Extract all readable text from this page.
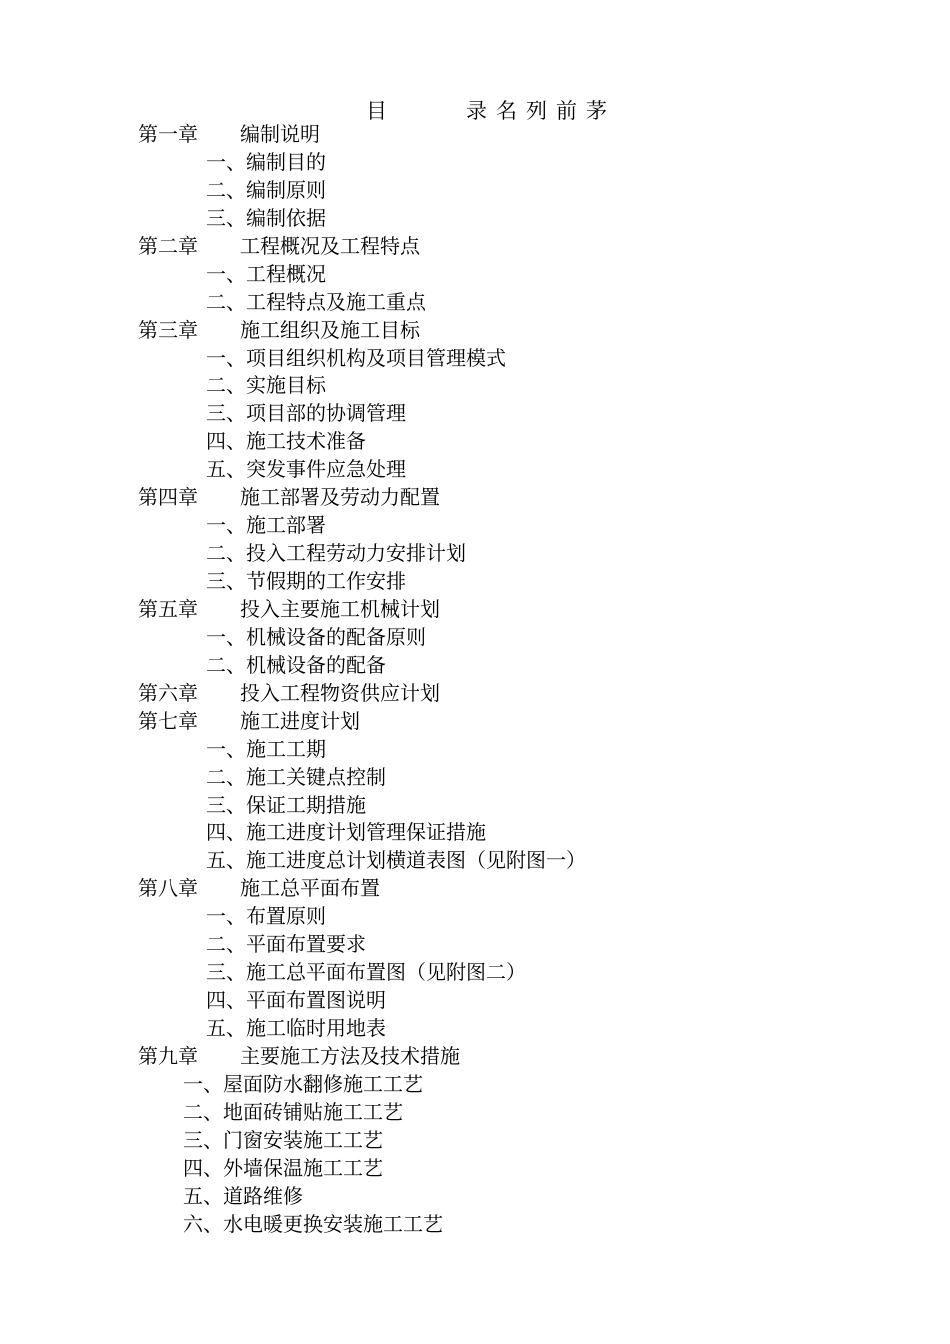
目	录名列前茅
第一章 编制说明
一、编制目的
二、编制原则
三、编制依据
第二章 工程概况及工程特点
一、工程概况
二、工程特点及施工重点
第三章 施工组织及施工目标
一、项目组织机构及项目管理模式
二、实施目标
三、项目部的协调管理
四、施工技术准备
五、突发事件应急处理
第四章 施工部署及劳动力配置
一、施工部署
二、投入工程劳动力安排计划
三、节假期的工作安排
第五章 投入主要施工机械计划
一、机械设备的配备原则
二、机械设备的配备
第六章 投入工程物资供应计划
第七章 施工进度计划
一、施工工期
二、施工关键点控制
三、保证工期措施
四、施工进度计划管理保证措施
五、施工进度总计划横道表图（见附图一）
第八章 施工总平面布置
一、布置原则
二、平面布置要求
三、施工总平面布置图（见附图二）
四、平面布置图说明
五、施工临时用地表
第九章 主要施工方法及技术措施
一、屋面防水翻修施工工艺
二、地面砖铺贴施工工艺
三、门窗安装施工工艺
四、外墙保温施工工艺
五、道路维修
六、水电暖更换安装施工工艺
